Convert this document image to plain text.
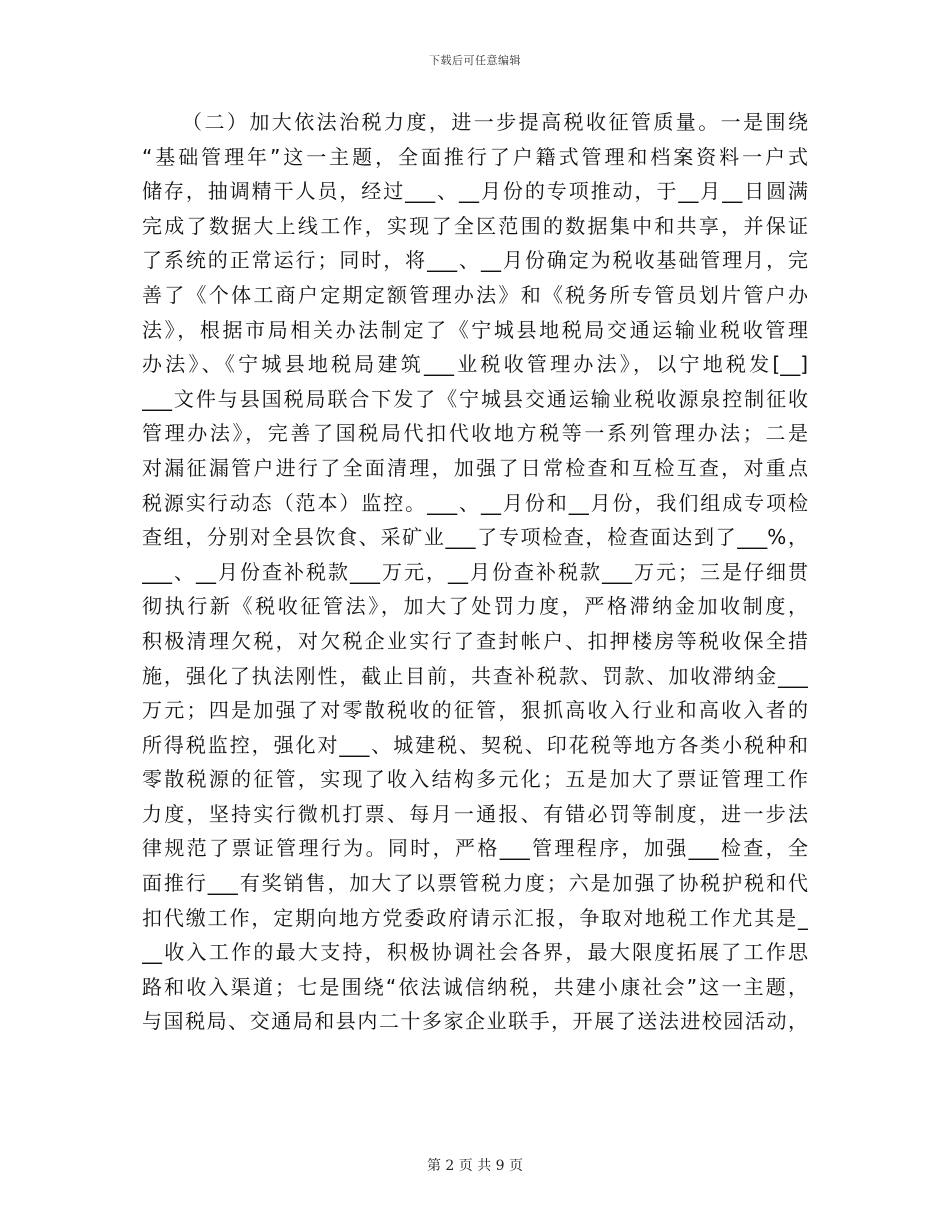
下载后可任意编辑
（二）加大依法治税力度，进一步提高税收征管质量。一是围绕
“基础管理年”这一主题，全面推行了户籍式管理和档案资料一户式
储存，抽调精干人员，经过___、__月份的专项推动，于__月__日圆满
完成了数据大上线工作，实现了全区范围的数据集中和共享，并保证
了系统的正常运行；同时，将___、__月份确定为税收基础管理月，完
善了《个体工商户定期定额管理办法》和《税务所专管员划片管户办
法》，根据市局相关办法制定了《宁城县地税局交通运输业税收管理
办法》、《宁城县地税局建筑___业税收管理办法》，以宁地税发[__]
___文件与县国税局联合下发了《宁城县交通运输业税收源泉控制征收
管理办法》，完善了国税局代扣代收地方税等一系列管理办法；二是
对漏征漏管户进行了全面清理，加强了日常检查和互检互查，对重点
税源实行动态（范本）监控。___、__月份和__月份，我们组成专项检
查组，分别对全县饮食、采矿业___了专项检查，检查面达到了___%，
___、__月份查补税款___万元，__月份查补税款___万元；三是仔细贯
彻执行新《税收征管法》，加大了处罚力度，严格滞纳金加收制度，
积极清理欠税，对欠税企业实行了查封帐户、扣押楼房等税收保全措
施，强化了执法刚性，截止目前，共查补税款、罚款、加收滞纳金___
万元；四是加强了对零散税收的征管，狠抓高收入行业和高收入者的
所得税监控，强化对___、城建税、契税、印花税等地方各类小税种和
零散税源的征管，实现了收入结构多元化；五是加大了票证管理工作
力度，坚持实行微机打票、每月一通报、有错必罚等制度，进一步法
律规范了票证管理行为。同时，严格___管理程序，加强___检查，全
面推行___有奖销售，加大了以票管税力度；六是加强了协税护税和代
扣代缴工作，定期向地方党委政府请示汇报，争取对地税工作尤其是_
__收入工作的最大支持，积极协调社会各界，最大限度拓展了工作思
路和收入渠道；七是围绕“依法诚信纳税，共建小康社会”这一主题，
与国税局、交通局和县内二十多家企业联手，开展了送法进校园活动，
第 2 页 共 9 页
